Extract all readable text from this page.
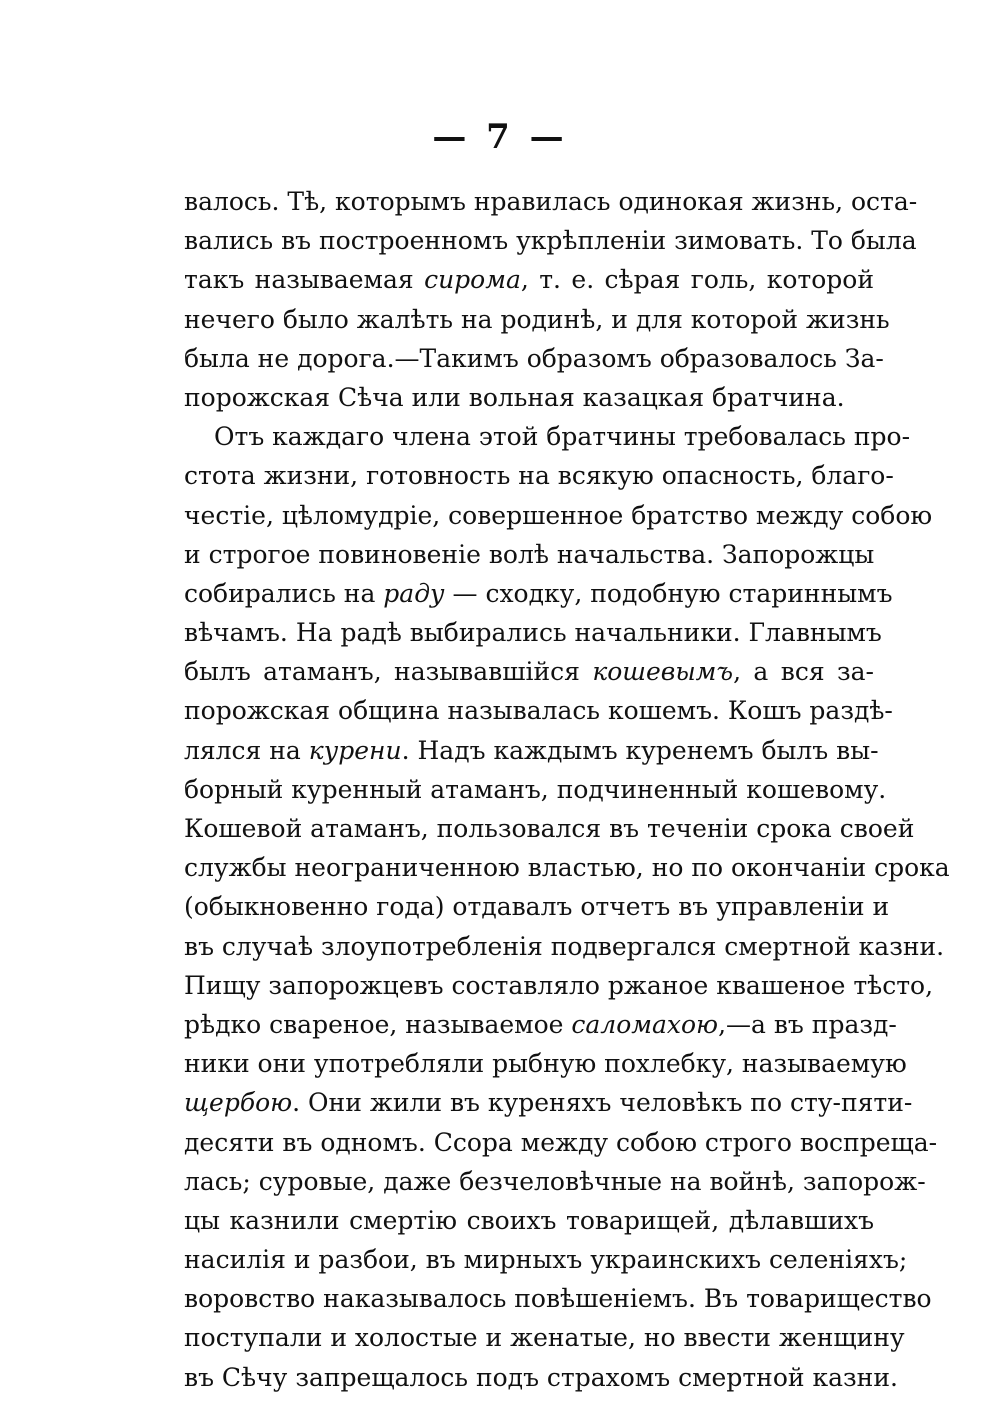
— 7 —
валось. Тѣ, которымъ нравилась одинокая жизнь, оста-
вались въ построенномъ укрѣпленіи зимовать. То была
такъ называемая сирома, т. е. сѣрая голь, которой
нечего было жалѣть на родинѣ, и для которой жизнь
была не дорога.—Такимъ образомъ образовалось За-
порожская Сѣча или вольная казацкая братчина.
Отъ каждаго члена этой братчины требовалась про-
стота жизни, готовность на всякую опасность, благо-
честіе, цѣломудріе, совершенное братство между собою
и строгое повиновеніе волѣ начальства. Запорожцы
собирались на раду — сходку, подобную стариннымъ
вѣчамъ. На радѣ выбирались начальники. Главнымъ
былъ атаманъ, называвшійся кошевымъ, а вся за-
порожская община называлась кошемъ. Кошъ раздѣ-
лялся на курени. Надъ каждымъ куренемъ былъ вы-
борный куренный атаманъ, подчиненный кошевому.
Кошевой атаманъ, пользовался въ теченіи срока своей
службы неограниченною властью, но по окончаніи срока
(обыкновенно года) отдавалъ отчетъ въ управленіи и
въ случаѣ злоупотребленія подвергался смертной казни.
Пищу запорожцевъ составляло ржаное квашеное тѣсто,
рѣдко свареное, называемое саломахою,—а въ празд-
ники они употребляли рыбную похлебку, называемую
щербою. Они жили въ куреняхъ человѣкъ по сту-пяти-
десяти въ одномъ. Ссора между собою строго воспреща-
лась; суровые, даже безчеловѣчные на войнѣ, запорож-
цы казнили смертію своихъ товарищей, дѣлавшихъ
насилія и разбои, въ мирныхъ украинскихъ селеніяхъ;
воровство наказывалось повѣшеніемъ. Въ товарищество
поступали и холостые и женатые, но ввести женщину
въ Сѣчу запрещалось подъ страхомъ смертной казни.
